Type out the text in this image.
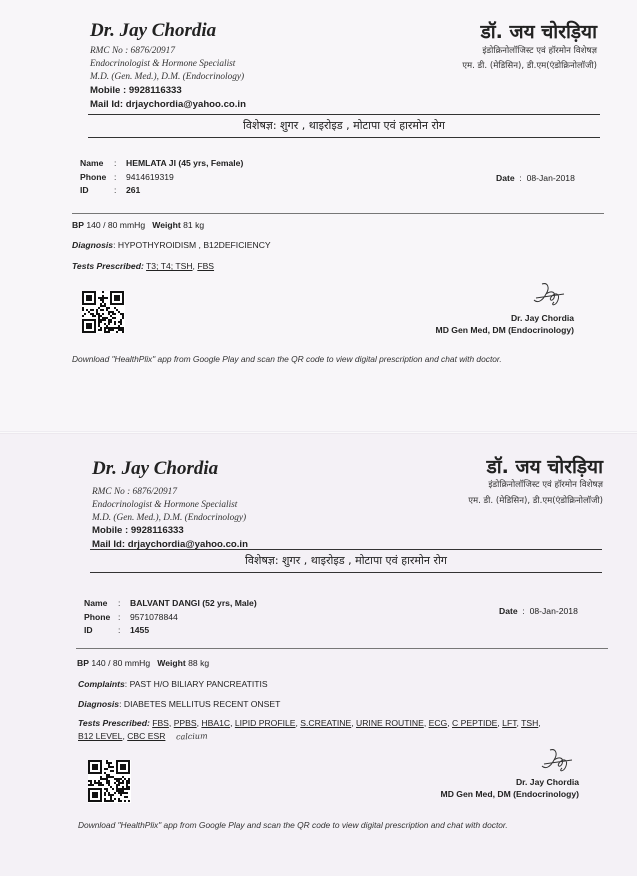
Dr. Jay Chordia	डॉ. जय चोरड़िया
RMC No : 6876/20917
Endocrinologist & Hormone Specialist
M.D. (Gen. Med.), D.M. (Endocrinology)
इंडोक्रिनोलॉजिस्ट एवं हॉरमोन विशेषज्ञ
एम. डी. (मेडिसिन), डी.एम(एंडोक्रिनोलॉजी)
Mobile : 9928116333
Mail Id: drjaychordia@yahoo.co.in
विशेषज्ञ: शुगर , थाइरोइड , मोटापा एवं हारमोन रोग
Name : HEMLATA JI (45 yrs, Female)
Phone : 9414619319
ID	: 261
Date  :  08-Jan-2018
BP 140 / 80 mmHg Weight 81 kg
Diagnosis: HYPOTHYROIDISM , B12DEFICIENCY
Tests Prescribed: T3; T4; TSH, FBS
Dr. Jay Chordia
MD Gen Med, DM (Endocrinology)
Download "HealthPlix" app from Google Play and scan the QR code to view digital prescription and chat with doctor.
Dr. Jay Chordia	डॉ. जय चोरड़िया
RMC No : 6876/20917
Endocrinologist & Hormone Specialist
M.D. (Gen. Med.), D.M. (Endocrinology)
इंडोक्रिनोलॉजिस्ट एवं हॉरमोन विशेषज्ञ
एम. डी. (मेडिसिन), डी.एम(एंडोक्रिनोलॉजी)
Mobile : 9928116333
Mail Id: drjaychordia@yahoo.co.in
विशेषज्ञ: शुगर , थाइरोइड , मोटापा एवं हारमोन रोग
Name : BALVANT DANGI (52 yrs, Male)
Phone : 9571078844
ID	: 1455
Date  :  08-Jan-2018
BP 140 / 80 mmHg Weight 88 kg
Complaints: PAST H/O BILIARY PANCREATITIS
Diagnosis: DIABETES MELLITUS RECENT ONSET
Tests Prescribed: FBS, PPBS, HBA1C, LIPID PROFILE, S.CREATINE, URINE ROUTINE, ECG, C PEPTIDE, LFT, TSH,
B12 LEVEL, CBC ESR calcium
Dr. Jay Chordia
MD Gen Med, DM (Endocrinology)
Download "HealthPlix" app from Google Play and scan the QR code to view digital prescription and chat with doctor.
